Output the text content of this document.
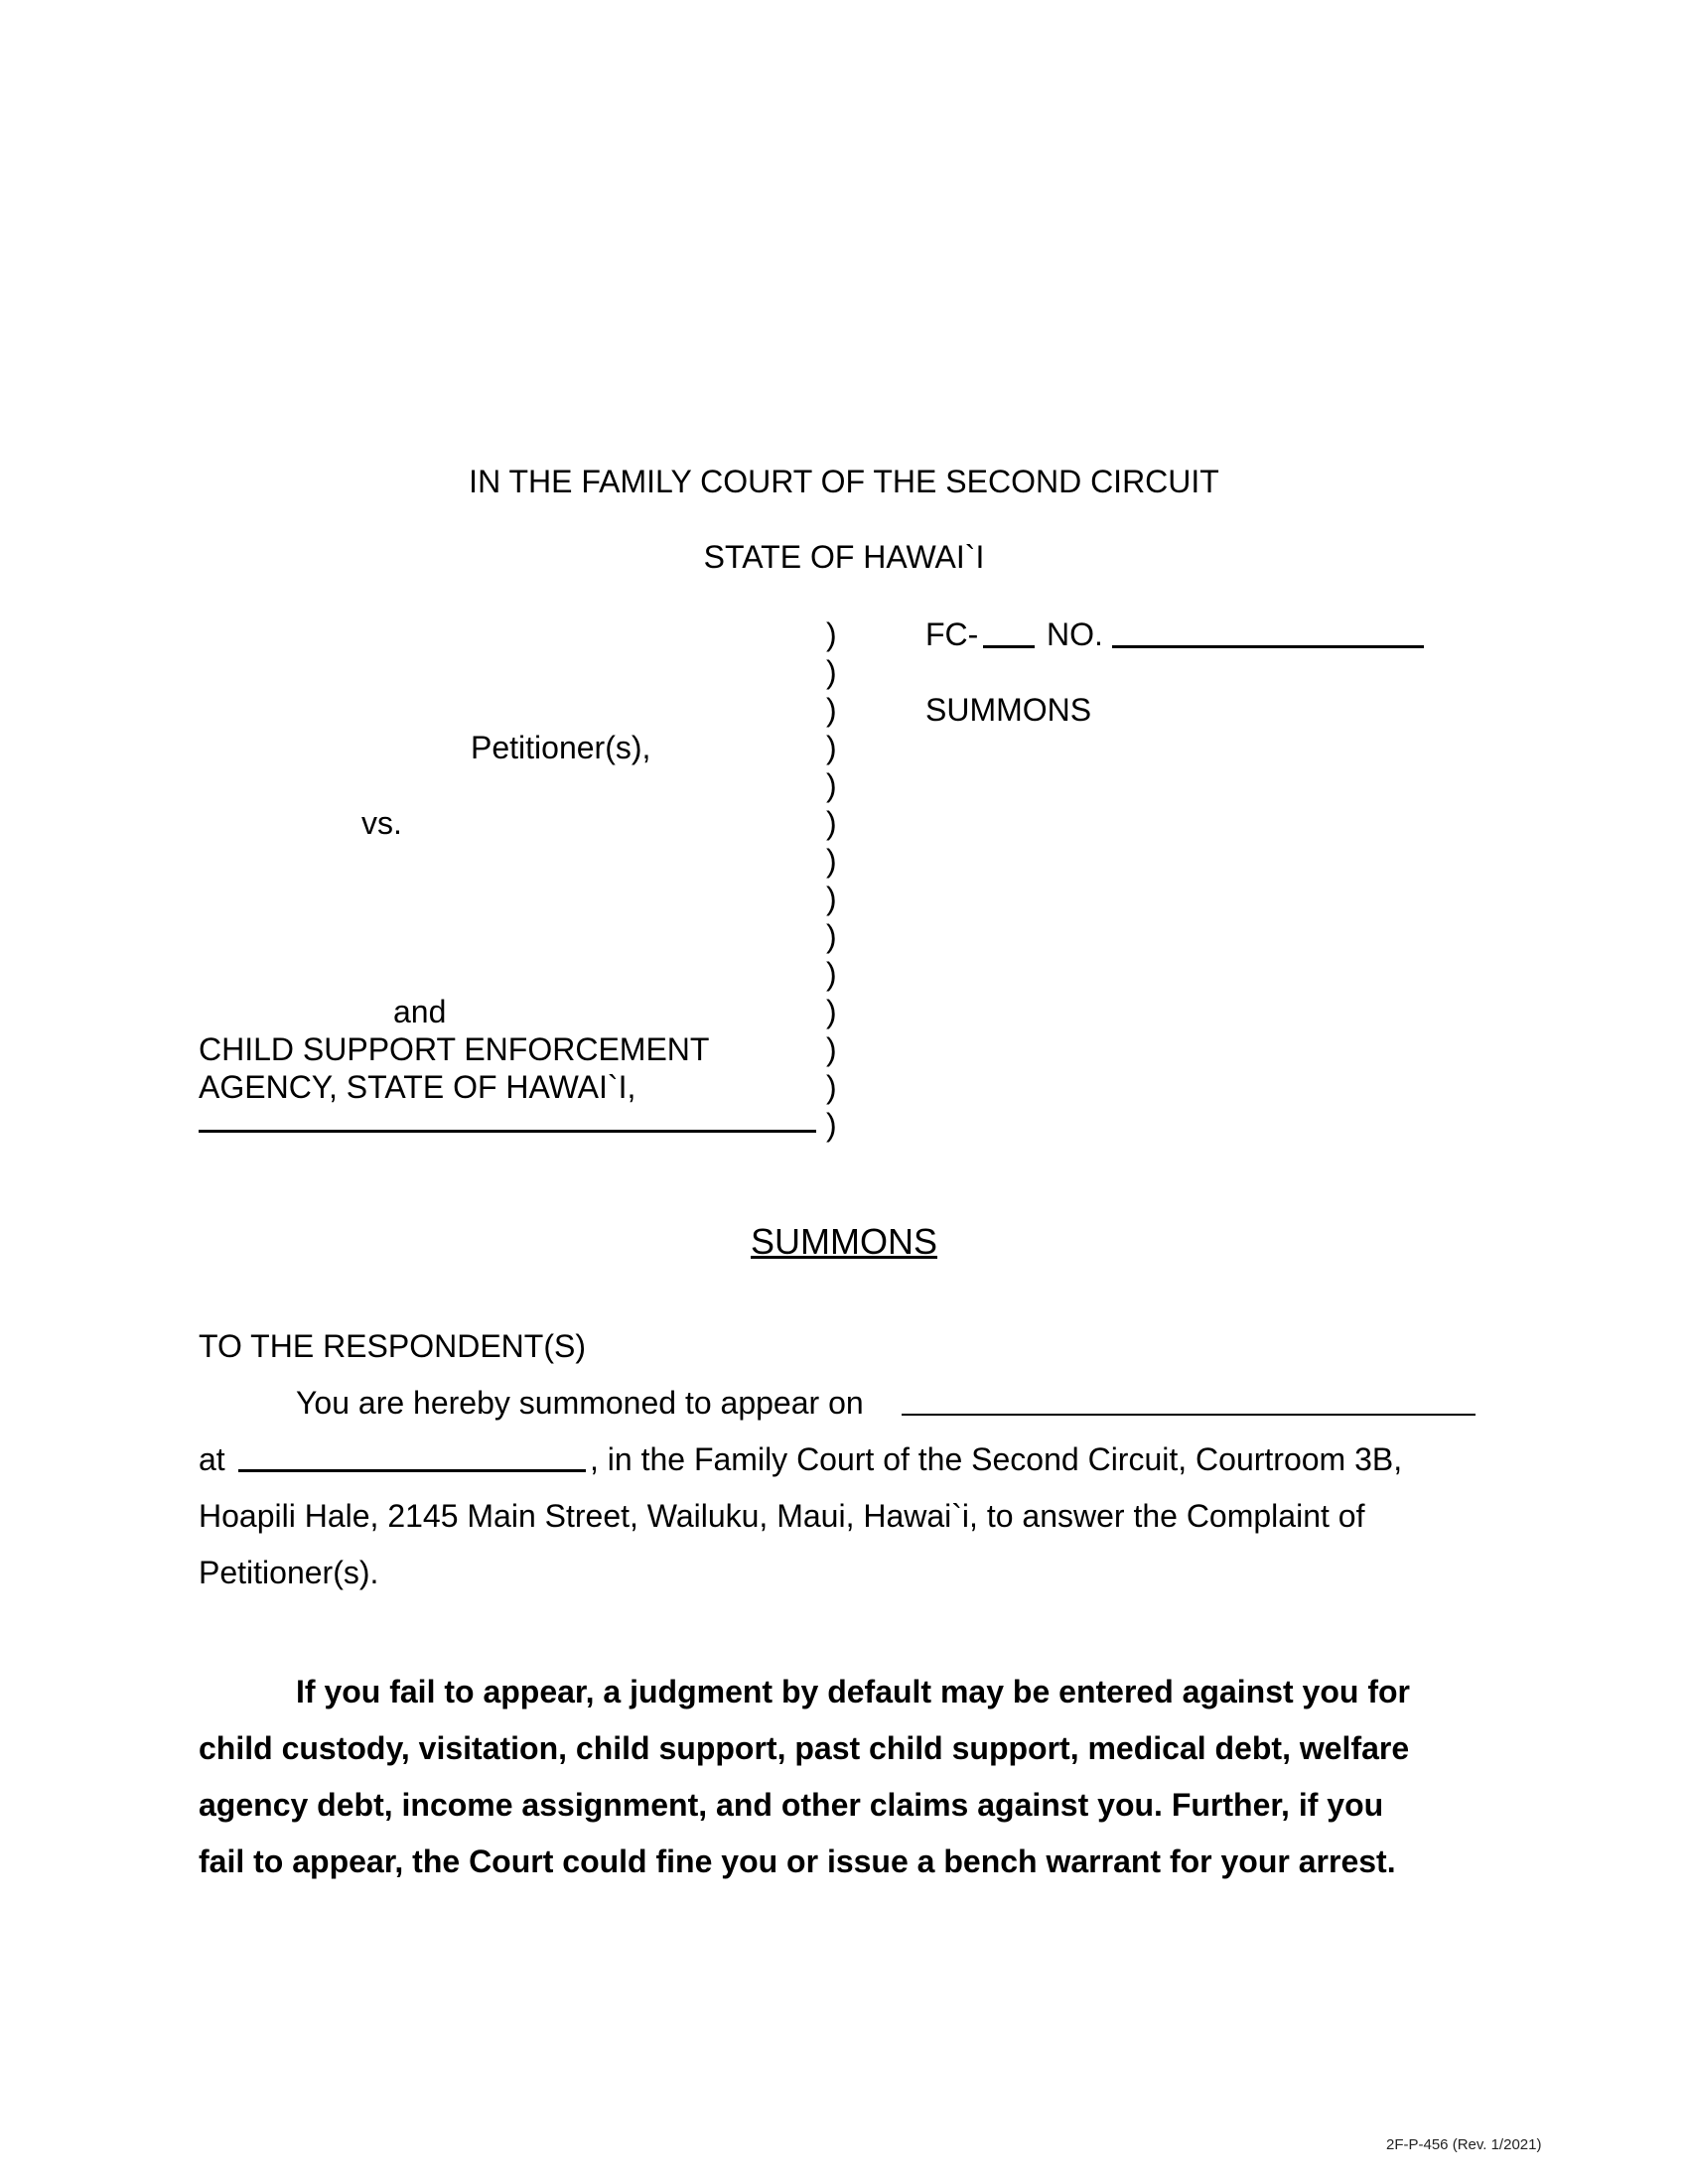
IN THE FAMILY COURT OF THE SECOND CIRCUIT
STATE OF HAWAI`I
)
)
)
)
)
)
)
)
)
)
)
)
)
)
Petitioner(s),
vs.
and
CHILD SUPPORT ENFORCEMENT
AGENCY, STATE OF HAWAI`I,
FC- NO.
SUMMONS
SUMMONS
TO THE RESPONDENT(S)
You are hereby summoned to appear on
at	, in the Family Court of the Second Circuit, Courtroom 3B,
Hoapili Hale, 2145 Main Street, Wailuku, Maui, Hawai`i, to answer the Complaint of
Petitioner(s).
If you fail to appear, a judgment by default may be entered against you for
child custody, visitation, child support, past child support, medical debt, welfare
agency debt, income assignment, and other claims against you. Further, if you
fail to appear, the Court could fine you or issue a bench warrant for your arrest.
2F-P-456 (Rev. 1/2021)
